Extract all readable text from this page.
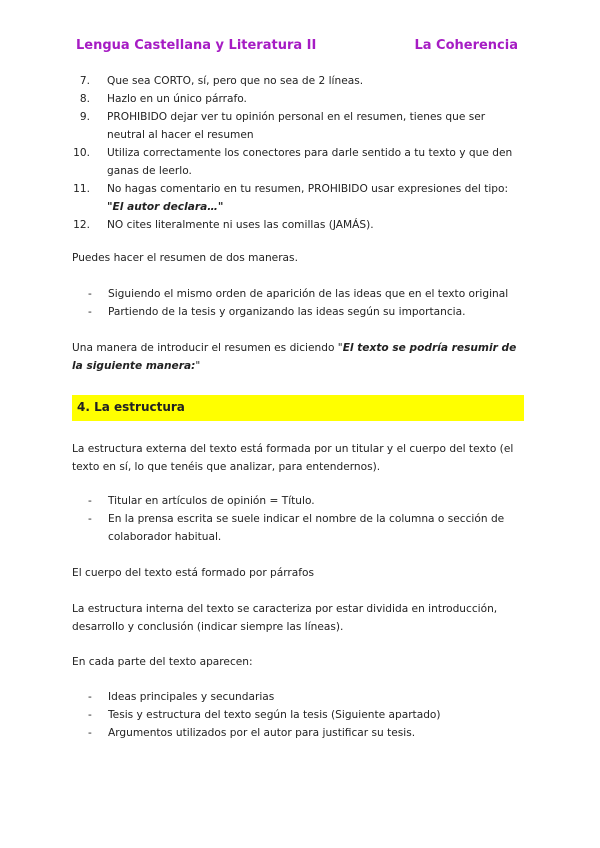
Lengua Castellana y Literatura II	La Coherencia
7. Que sea CORTO, sí, pero que no sea de 2 líneas.
8. Hazlo en un único párrafo.
9. PROHIBIDO dejar ver tu opinión personal en el resumen, tienes que ser neutral al hacer el resumen
10. Utiliza correctamente los conectores para darle sentido a tu texto y que den ganas de leerlo.
11. No hagas comentario en tu resumen, PROHIBIDO usar expresiones del tipo: "El autor declara…"
12. NO cites literalmente ni uses las comillas (JAMÁS).

Puedes hacer el resumen de dos maneras.

- Siguiendo el mismo orden de aparición de las ideas que en el texto original
- Partiendo de la tesis y organizando las ideas según su importancia.

Una manera de introducir el resumen es diciendo "El texto se podría resumir de la siguiente manera:"

4. La estructura

La estructura externa del texto está formada por un titular y el cuerpo del texto (el texto en sí, lo que tenéis que analizar, para entendernos).

- Titular en artículos de opinión = Título.
- En la prensa escrita se suele indicar el nombre de la columna o sección de colaborador habitual.

El cuerpo del texto está formado por párrafos

La estructura interna del texto se caracteriza por estar dividida en introducción, desarrollo y conclusión (indicar siempre las líneas).

En cada parte del texto aparecen:

- Ideas principales y secundarias
- Tesis y estructura del texto según la tesis (Siguiente apartado)
- Argumentos utilizados por el autor para justificar su tesis.
